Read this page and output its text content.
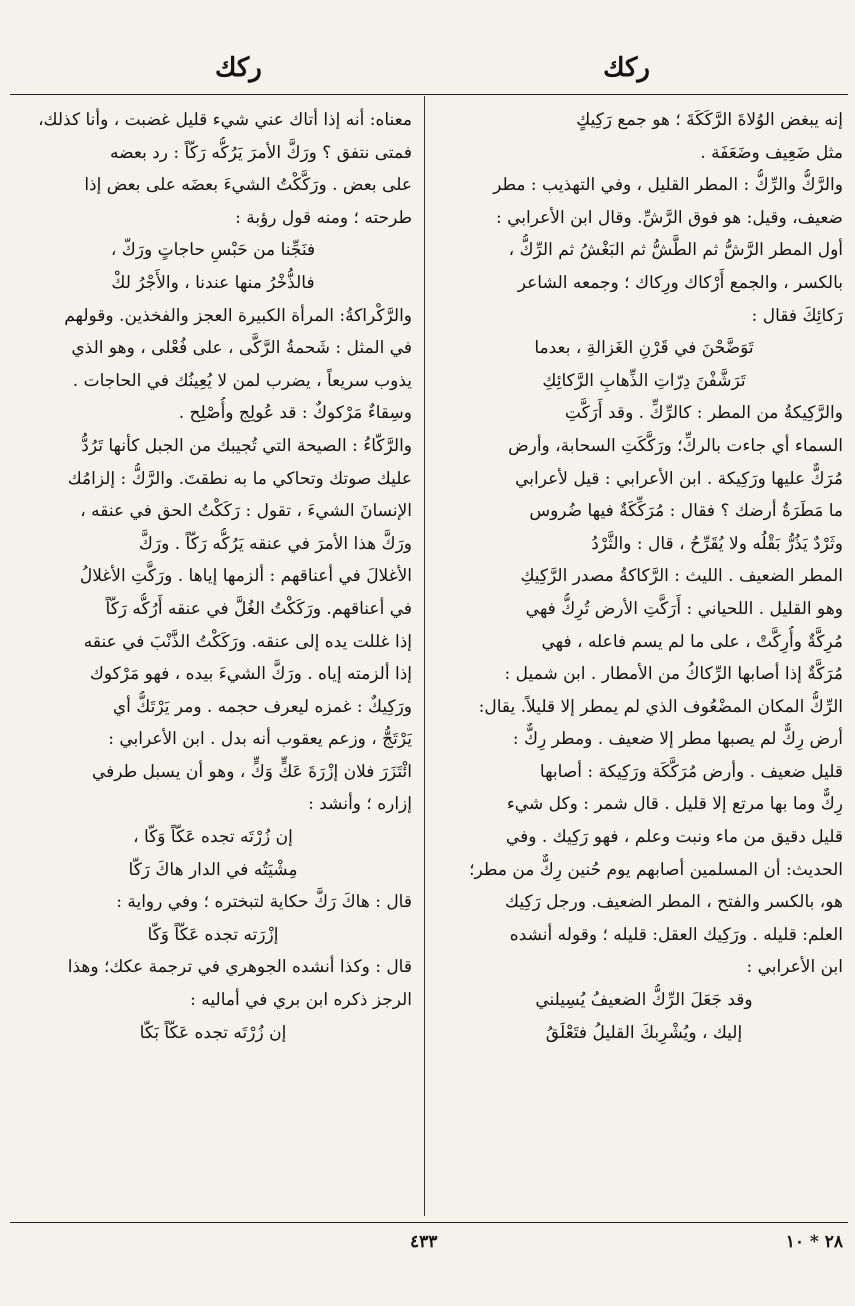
ركك
ركك
إنه يبغض الوُلاةَ الرَّكَكَةَ ؛ هو جمع رَكِيكٍ
مثل ضَعِيف وضَعَفَة .
والرَّكُّ والرِّكُّ : المطر القليل ، وفي التهذيب : مطر
ضعيف، وقيل: هو فوق الرَّشِّ. وقال ابن الأعرابي :
أول المطر الرَّشُّ ثم الطَّشُّ ثم البَغْشُ ثم الرِّكُّ ،
بالكسر ، والجمع أَرْكاك ورِكاك ؛ وجمعه الشاعر
رَكائِكَ فقال :
تَوَضَّحْنَ في قَرْنِ الغَزالةِ ، بعدما
تَرَشَّفْنَ دِرّاتِ الذِّهابِ الرَّكائِكِ
والرَّكِيكةُ من المطر : كالرِّكِّ . وقد أَرَكَّتِ
السماء أي جاءت بالركِّ؛ ورَكَّكَتِ السحابة، وأرض
مُرَكٌّ عليها ورَكِيكة . ابن الأعرابي : قيل لأعرابي
ما مَطَرَةُ أرضك ؟ فقال : مُرَكِّكَةٌ فيها ضُروس
وثَرْدٌ يَذُرُّ بَقْلُه ولا يُقَرِّحُ ، قال : والثَّرْدُ
المطر الضعيف . الليث : الرَّكاكةُ مصدر الرَّكِيكِ
وهو القليل . اللحياني : أَرَكَّتِ الأرض تُرِكُّ فهي
مُرِكَّةٌ وأُرِكَّتْ ، على ما لم يسم فاعله ، فهي
مُرَكَّةٌ إذا أصابها الرِّكاكُ من الأمطار . ابن شميل :
الرِّكُّ المكان المضْعُوف الذي لم يمطر إلا قليلاً. يقال:
أرض رِكٌّ لم يصبها مطر إلا ضعيف . ومطر رِكٌّ :
قليل ضعيف . وأرض مُرَكَّكَة ورَكِيكة : أصابها
رِكٌّ وما بها مرتع إلا قليل . قال شمر : وكل شيء
قليل دقيق من ماء ونبت وعلم ، فهو رَكِيك . وفي
الحديث: أن المسلمين أصابهم يوم حُنين رِكٌّ من مطر؛
هو، بالكسر والفتح ، المطر الضعيف. ورجل رَكِيك
العلم: قليله . ورَكِيك العقل: قليله ؛ وقوله أنشده
ابن الأعرابي :
وقد جَعَلَ الرِّكُّ الضعيفُ يُسِيلني
إليك ، ويُشْرِبكَ القليلُ فتَعْلَقُ
معناه: أنه إذا أتاك عني شيء قليل غضبت ، وأنا كذلك،
فمتى نتفق ؟ ورَكَّ الأمرَ يَرُكُّه رَكّاً : رد بعضه
على بعض . ورَكَّكْتُ الشيءَ بعضَه على بعض إذا
طرحته ؛ ومنه قول رؤبة :
فنَجِّنا من حَبْسِ حاجاتٍ ورَكّ ،
فالذُّخْرُ منها عندنا ، والأَجْرُ لكْ
والرَّكْراكةُ: المرأة الكبيرة العجز والفخذين. وقولهم
في المثل : شَحمةُ الرَّكَّى ، على فُعْلى ، وهو الذي
يذوب سريعاً ، يضرب لمن لا يُعِينُك في الحاجات .
وسِقاءٌ مَرْكوكٌ : قد عُولِج وأُصْلِح .
والرَّكّاءُ : الصيحة التي تُجيبك من الجبل كأنها تَرُدُّ
عليك صوتك وتحاكي ما به نطقتَ. والرَّكُّ : إلزامُك
الإنسانَ الشيءَ ، تقول : رَكَكْتُ الحق في عنقه ،
ورَكَّ هذا الأمرَ في عنقه يَرُكُّه رَكّاً . ورَكَّ
الأغلالَ في أعناقهم : ألزمها إياها . ورَكَّتِ الأغلالُ
في أعناقهم. ورَكَكْتُ الغُلَّ في عنقه أَرُكُّه رَكّاً
إذا غللت يده إلى عنقه. ورَكَكْتُ الذَّنْبَ في عنقه
إذا ألزمته إياه . ورَكَّ الشيءَ بيده ، فهو مَرْكوك
ورَكِيكٌ : غمزه ليعرف حجمه . ومر يَرْتَكُّ أي
يَرْتَجُّ ، وزعم يعقوب أنه بدل . ابن الأعرابي :
ائْتَزَرَ فلان إزْرَةَ عَكٍّ وَكٍّ ، وهو أن يسبل طرفي
إزاره ؛ وأنشد :
إن زُرْتَه تجده عَكّاً وَكّا ،
مِشْيَتُه في الدار هاكَ رَكّا
قال : هاكَ رَكَّ حكاية لتبختره ؛ وفي رواية :
إزْرَته تجده عَكّاً وَكّا
قال : وكذا أنشده الجوهري في ترجمة عكك؛ وهذا
الرجز ذكره ابن بري في أماليه :
إن زُرْتَه تجده عَكّاً بَكّا
٤٣٣	٢٨ * ١٠
